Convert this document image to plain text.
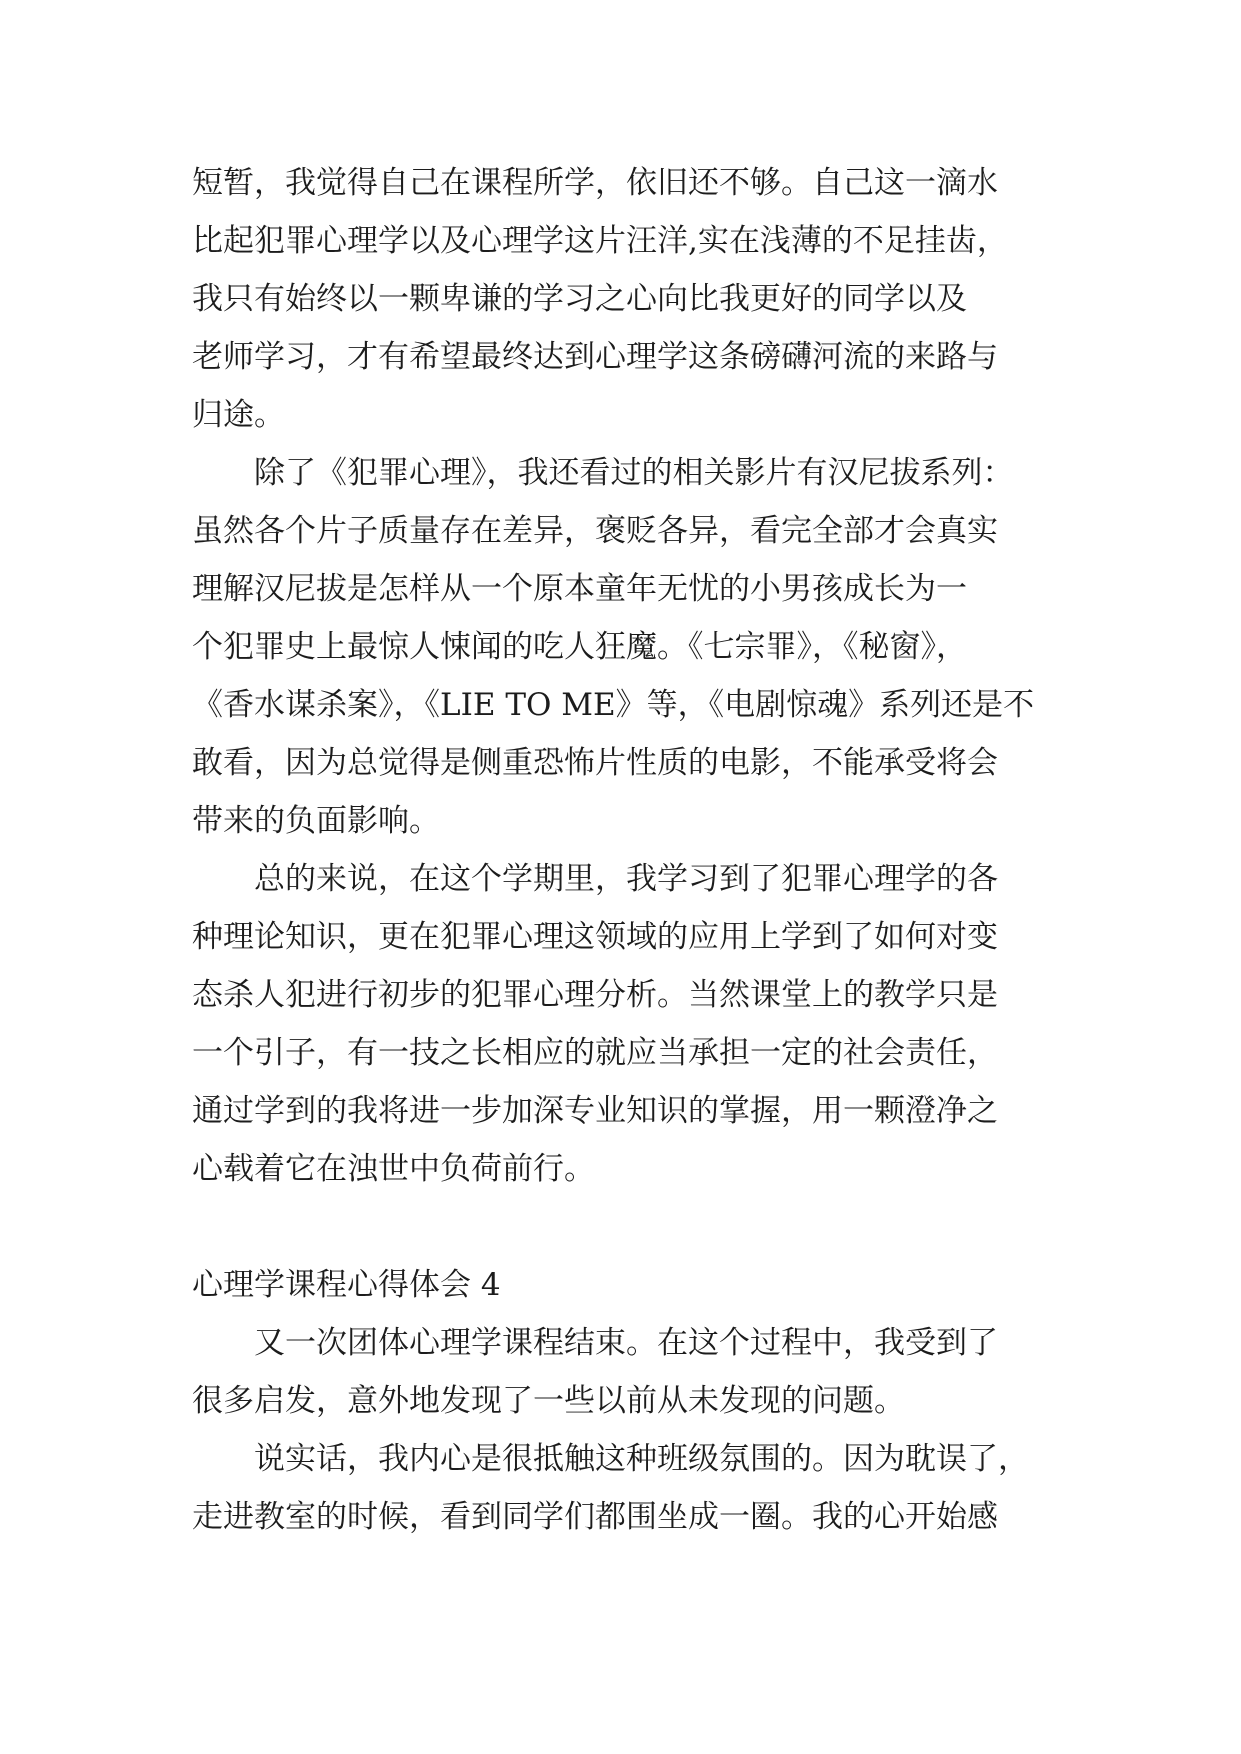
短暂，我觉得自己在课程所学，依旧还不够。自己这一滴水
比起犯罪心理学以及心理学这片汪洋,实在浅薄的不足挂齿，
我只有始终以一颗卑谦的学习之心向比我更好的同学以及
老师学习，才有希望最终达到心理学这条磅礴河流的来路与
归途。
除了《犯罪心理》，我还看过的相关影片有汉尼拔系列：
虽然各个片子质量存在差异，褒贬各异，看完全部才会真实
理解汉尼拔是怎样从一个原本童年无忧的小男孩成长为一
个犯罪史上最惊人悚闻的吃人狂魔。《七宗罪》，《秘窗》，
《香水谋杀案》，《LIE TO ME》等，《电剧惊魂》系列还是不
敢看，因为总觉得是侧重恐怖片性质的电影，不能承受将会
带来的负面影响。
总的来说，在这个学期里，我学习到了犯罪心理学的各
种理论知识，更在犯罪心理这领域的应用上学到了如何对变
态杀人犯进行初步的犯罪心理分析。当然课堂上的教学只是
一个引子，有一技之长相应的就应当承担一定的社会责任，
通过学到的我将进一步加深专业知识的掌握，用一颗澄净之
心载着它在浊世中负荷前行。
心理学课程心得体会 4
又一次团体心理学课程结束。在这个过程中，我受到了
很多启发，意外地发现了一些以前从未发现的问题。
说实话，我内心是很抵触这种班级氛围的。因为耽误了，
走进教室的时候，看到同学们都围坐成一圈。我的心开始感
